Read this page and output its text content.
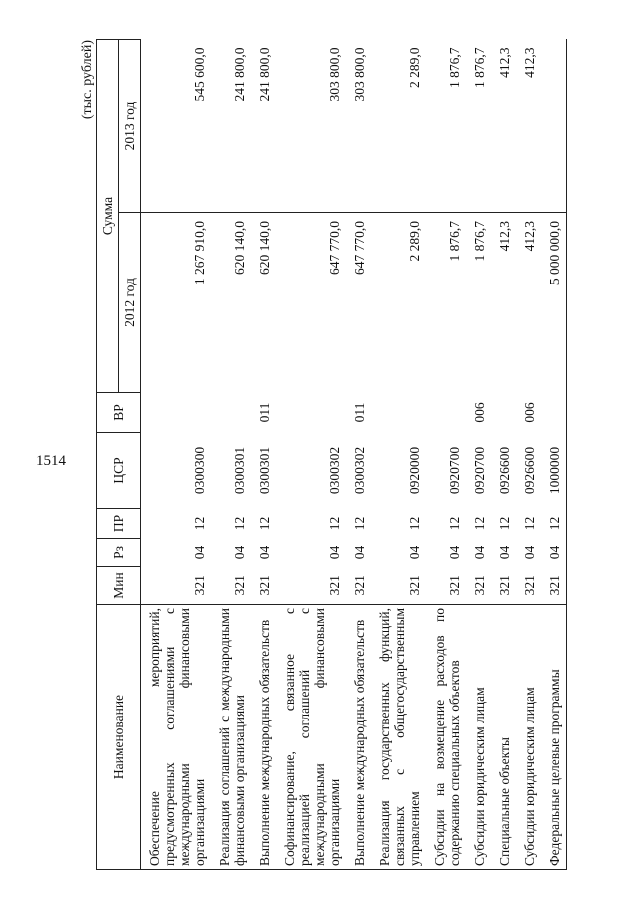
1514
(тыс. рублей)
Наименование	Мин	Рз	ПР	ЦСР	ВР	Сумма	
						2012 год	2013 год
Обеспечение мероприятий, предусмотренных соглашениями с международными финансовыми организациями	321	04	12	0300300		1 267 910,0	545 600,0
Реализация соглашений с международными финансовыми организациями	321	04	12	0300301		620 140,0	241 800,0
Выполнение международных обязательств	321	04	12	0300301	011	620 140,0	241 800,0
Софинансирование, связанное с реализацией соглашений с международными финансовыми организациями	321	04	12	0300302		647 770,0	303 800,0
Выполнение международных обязательств	321	04	12	0300302	011	647 770,0	303 800,0
Реализация государственных функций, связанных с общегосударственным управлением	321	04	12	0920000		2 289,0	2 289,0
Субсидии на возмещение расходов по содержанию специальных объектов	321	04	12	0920700		1 876,7	1 876,7
Субсидии юридическим лицам	321	04	12	0920700	006	1 876,7	1 876,7
Специальные объекты	321	04	12	0926600		412,3	412,3
Субсидии юридическим лицам	321	04	12	0926600	006	412,3	412,3
Федеральные целевые программы	321	04	12	1000000		5 000 000,0	
